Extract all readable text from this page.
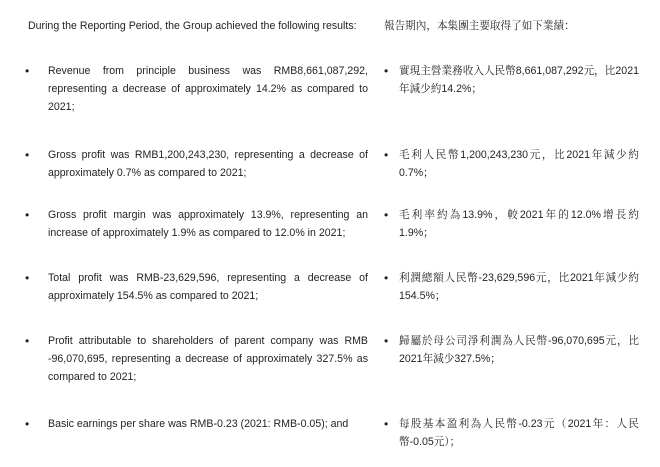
During the Reporting Period, the Group achieved the following results:
• Revenue from principle business was RMB8,661,087,292, representing a decrease of approximately 14.2% as compared to 2021;
• Gross profit was RMB1,200,243,230, representing a decrease of approximately 0.7% as compared to 2021;
• Gross profit margin was approximately 13.9%, representing an increase of approximately 1.9% as compared to 12.0% in 2021;
• Total profit was RMB-23,629,596, representing a decrease of approximately 154.5% as compared to 2021;
• Profit attributable to shareholders of parent company was RMB -96,070,695, representing a decrease of approximately 327.5% as compared to 2021;
• Basic earnings per share was RMB-0.23 (2021: RMB-0.05); and
報告期內，本集團主要取得了如下業績：
• 實現主營業務收入人民幣8,661,087,292元，比2021年減少約14.2%；
• 毛利人民幣1,200,243,230元，比2021年減少約0.7%；
• 毛利率約為13.9%，較2021年的12.0%增長約1.9%；
• 利潤總額人民幣-23,629,596元，比2021年減少約154.5%；
• 歸屬於母公司淨利潤為人民幣-96,070,695元，比2021年減少327.5%；
• 每股基本盈利為人民幣-0.23元（2021年：人民幣-0.05元）；
